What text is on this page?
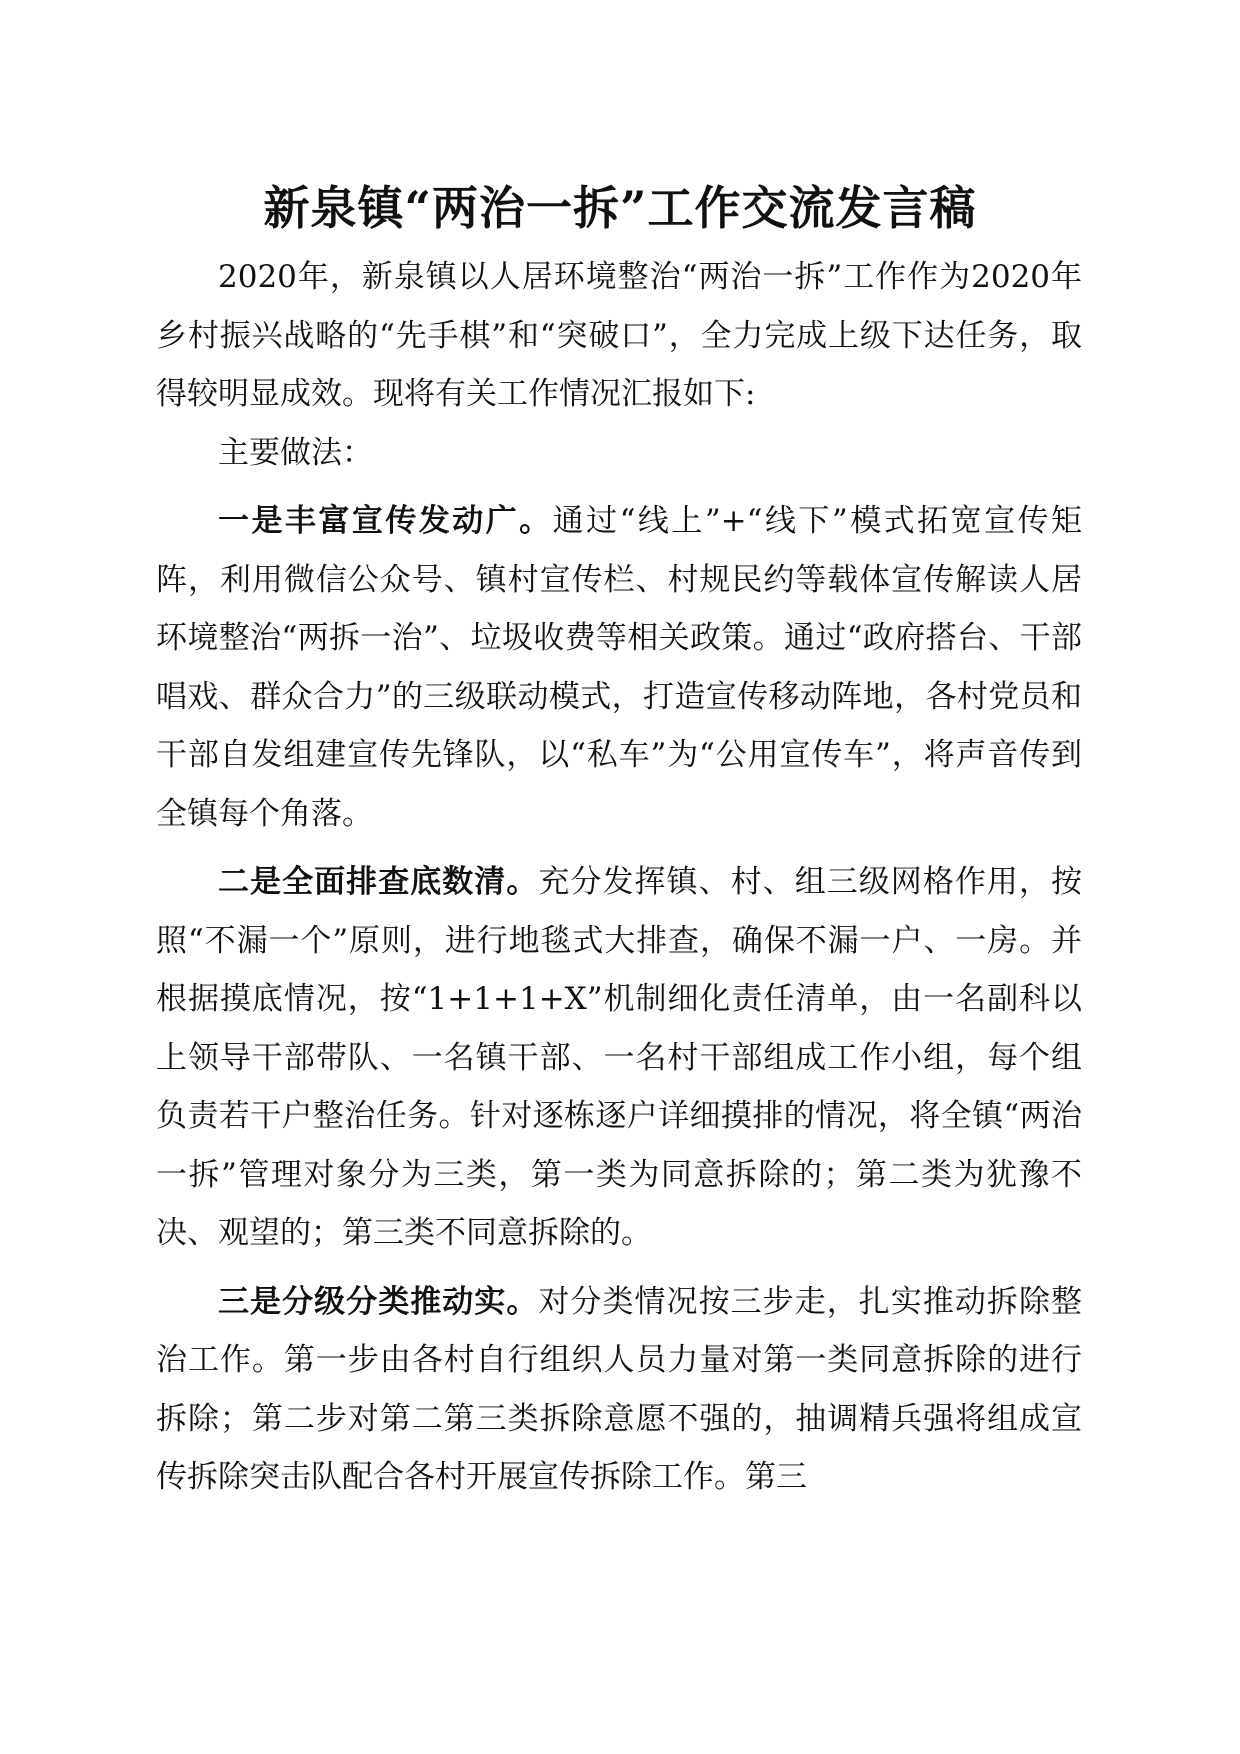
新泉镇“两治一拆”工作交流发言稿

2020年，新泉镇以人居环境整治“两治一拆”工作作为2020年乡村振兴战略的“先手棋”和“突破口”，全力完成上级下达任务，取得较明显成效。现将有关工作情况汇报如下:

主要做法：

一是丰富宣传发动广。通过“线上”+“线下”模式拓宽宣传矩阵，利用微信公众号、镇村宣传栏、村规民约等载体宣传解读人居环境整治“两拆一治”、垃圾收费等相关政策。通过“政府搭台、干部唱戏、群众合力”的三级联动模式，打造宣传移动阵地，各村党员和干部自发组建宣传先锋队，以“私车”为“公用宣传车”，将声音传到全镇每个角落。

二是全面排查底数清。充分发挥镇、村、组三级网格作用，按照“不漏一个”原则，进行地毯式大排查，确保不漏一户、一房。并根据摸底情况，按“1+1+1+X”机制细化责任清单，由一名副科以上领导干部带队、一名镇干部、一名村干部组成工作小组，每个组负责若干户整治任务。针对逐栋逐户详细摸排的情况，将全镇“两治一拆”管理对象分为三类，第一类为同意拆除的；第二类为犹豫不决、观望的；第三类不同意拆除的。

三是分级分类推动实。对分类情况按三步走，扎实推动拆除整治工作。第一步由各村自行组织人员力量对第一类同意拆除的进行拆除；第二步对第二第三类拆除意愿不强的，抽调精兵强将组成宣传拆除突击队配合各村开展宣传拆除工作。第三
